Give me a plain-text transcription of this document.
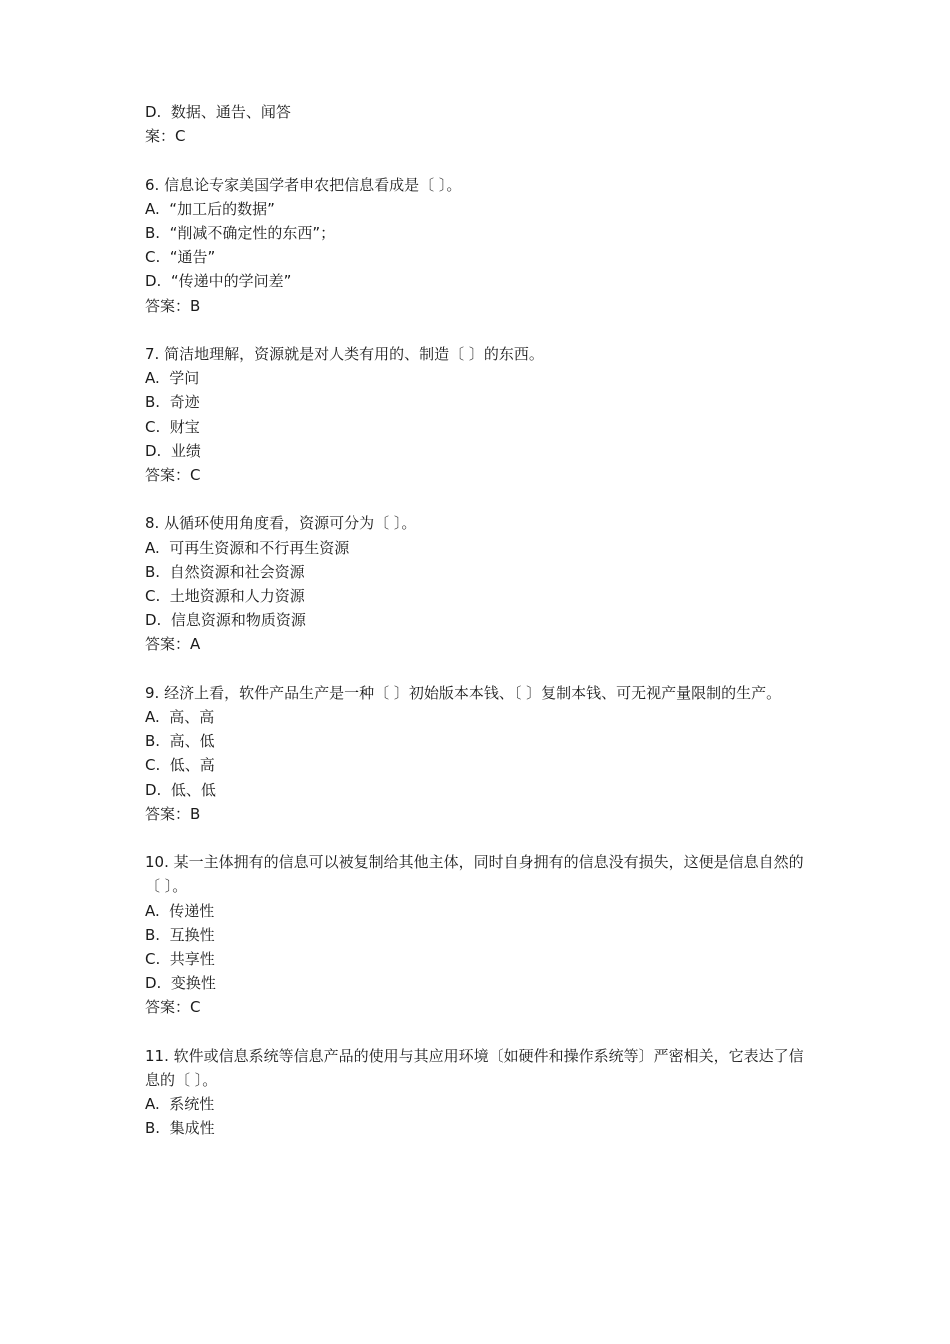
D.  数据、通告、闻答

案：C

6. 信息论专家美国学者申农把信息看成是〔 〕。

A.  “加工后的数据”

B.  “削减不确定性的东西”；

C.  “通告”

D.  “传递中的学问差”

答案：B

7. 简洁地理解，资源就是对人类有用的、制造〔 〕的东西。

A.  学问

B.  奇迹

C.  财宝

D.  业绩

答案：C

8. 从循环使用角度看，资源可分为〔 〕。

A.  可再生资源和不行再生资源

B.  自然资源和社会资源

C.  土地资源和人力资源

D.  信息资源和物质资源

答案：A

9. 经济上看，软件产品生产是一种〔 〕初始版本本钱、〔 〕复制本钱、可无视产量限制的生产。

A.  高、高

B.  高、低

C.  低、高

D.  低、低

答案：B

10. 某一主体拥有的信息可以被复制给其他主体，同时自身拥有的信息没有损失，这便是信息自然的〔 〕。

A.  传递性

B.  互换性

C.  共享性

D.  变换性

答案：C

11. 软件或信息系统等信息产品的使用与其应用环境〔如硬件和操作系统等〕严密相关，它表达了信息的〔 〕。

A.  系统性

B.  集成性
